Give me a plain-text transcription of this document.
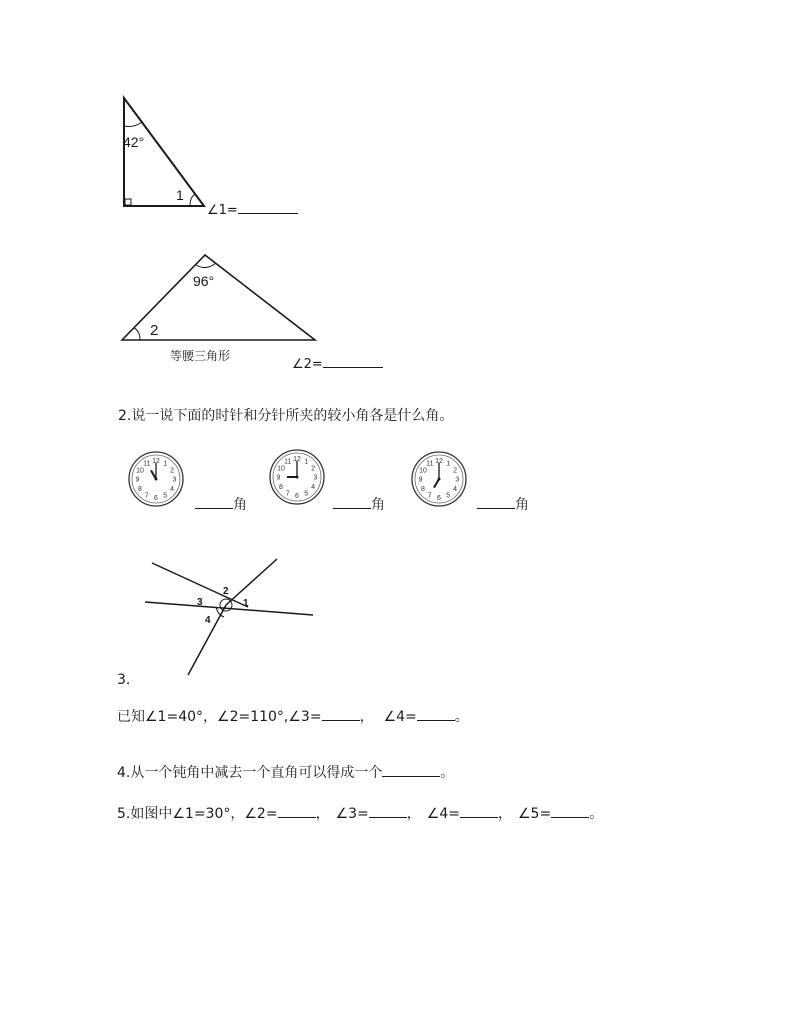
42°
1
∠1=
96°
2
等腰三角形
∠2=
2.说一说下面的时针和分针所夹的较小角各是什么角。
12 1
2
3
4
5
6
7
8
9
10
11
角
12 1
2
3
4
5
6
7
8
9
10
11
角
12 1
2
3
4
5
6
7
8
9
10
11
角
1
2
3
4
3.
已知∠1=40°，∠2=110°,∠3=	， ∠4=	。
4.从一个钝角中减去一个直角可以得成一个	。
5.如图中∠1=30°，∠2=	， ∠3=	， ∠4=	， ∠5=	。
